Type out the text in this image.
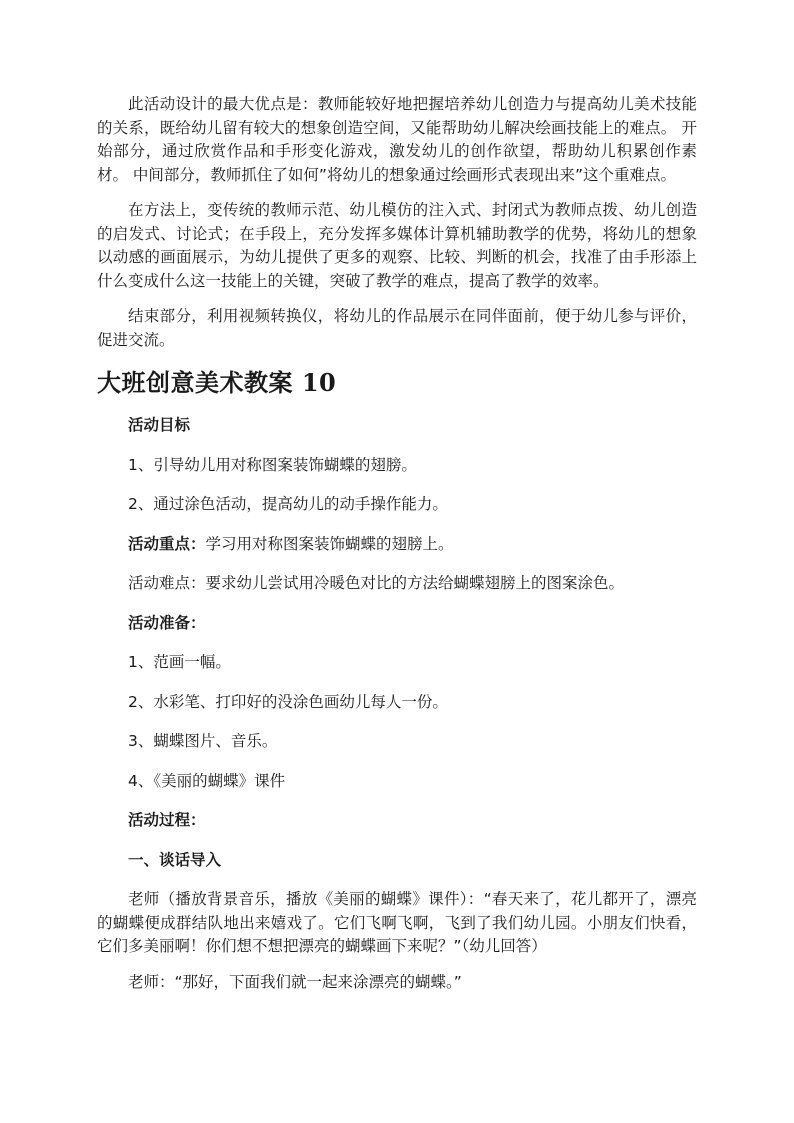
此活动设计的最大优点是：教师能较好地把握培养幼儿创造力与提高幼儿美术技能的关系，既给幼儿留有较大的想象创造空间，又能帮助幼儿解决绘画技能上的难点。 开始部分，通过欣赏作品和手形变化游戏，激发幼儿的创作欲望，帮助幼儿积累创作素材。 中间部分，教师抓住了如何”将幼儿的想象通过绘画形式表现出来”这个重难点。

在方法上，变传统的教师示范、幼儿模仿的注入式、封闭式为教师点拨、幼儿创造的启发式、讨论式；在手段上，充分发挥多媒体计算机辅助教学的优势，将幼儿的想象以动感的画面展示，为幼儿提供了更多的观察、比较、判断的机会，找准了由手形添上什么变成什么这一技能上的关键，突破了教学的难点，提高了教学的效率。

结束部分，利用视频转换仪，将幼儿的作品展示在同伴面前，便于幼儿参与评价，促进交流。

大班创意美术教案 10
活动目标
1、引导幼儿用对称图案装饰蝴蝶的翅膀。
2、通过涂色活动，提高幼儿的动手操作能力。
活动重点：学习用对称图案装饰蝴蝶的翅膀上。
活动难点：要求幼儿尝试用冷暖色对比的方法给蝴蝶翅膀上的图案涂色。
活动准备：
1、范画一幅。
2、水彩笔、打印好的没涂色画幼儿每人一份。
3、蝴蝶图片、音乐。
4、《美丽的蝴蝶》课件
活动过程：
一、谈话导入

老师（播放背景音乐，播放《美丽的蝴蝶》课件）：“春天来了，花儿都开了，漂亮的蝴蝶便成群结队地出来嬉戏了。它们飞啊飞啊，飞到了我们幼儿园。小朋友们快看，它们多美丽啊！你们想不想把漂亮的蝴蝶画下来呢？”（幼儿回答）

老师：“那好，下面我们就一起来涂漂亮的蝴蝶。”
